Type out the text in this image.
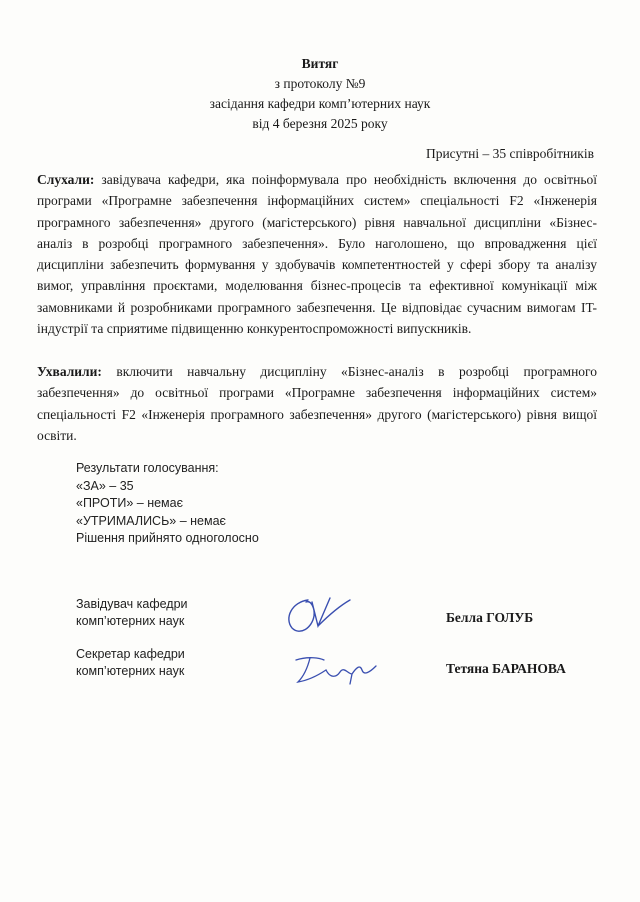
Витяг
з протоколу №9
засідання кафедри комп’ютерних наук
від 4 березня 2025 року
Присутні – 35 співробітників
Слухали: завідувача кафедри, яка поінформувала про необхідність включення до освітньої програми «Програмне забезпечення інформаційних систем» спеціальності F2 «Інженерія програмного забезпечення» другого (магістерського) рівня навчальної дисципліни «Бізнес-аналіз в розробці програмного забезпечення». Було наголошено, що впровадження цієї дисципліни забезпечить формування у здобувачів компетентностей у сфері збору та аналізу вимог, управління проєктами, моделювання бізнес-процесів та ефективної комунікації між замовниками й розробниками програмного забезпечення. Це відповідає сучасним вимогам IT-індустрії та сприятиме підвищенню конкурентоспроможності випускників.
Ухвалили: включити навчальну дисципліну «Бізнес-аналіз в розробці програмного забезпечення» до освітньої програми «Програмне забезпечення інформаційних систем» спеціальності F2 «Інженерія програмного забезпечення» другого (магістерського) рівня вищої освіти.
Результати голосування:
«ЗА» – 35
«ПРОТИ» – немає
«УТРИМАЛИСЬ» – немає
Рішення прийнято одноголосно
Завідувач кафедри
комп’ютерних наук	Белла ГОЛУБ
Секретар кафедри
комп’ютерних наук	Тетяна БАРАНОВА
